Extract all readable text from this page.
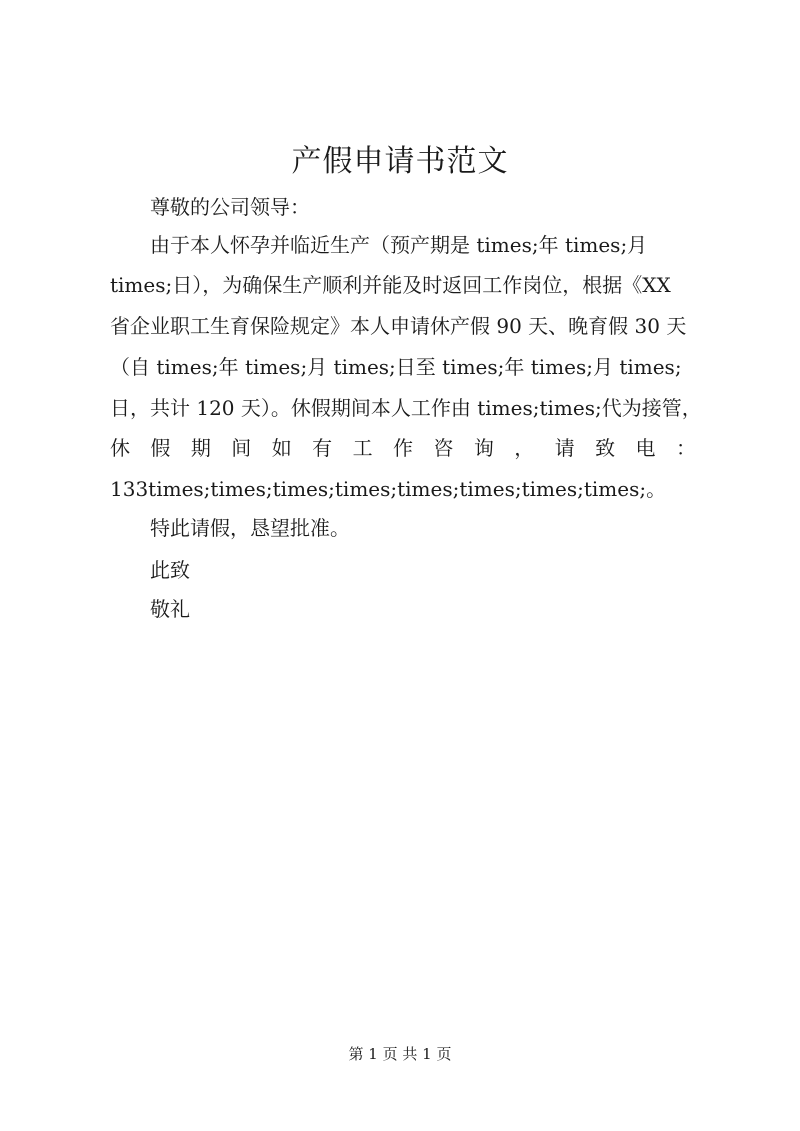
产假申请书范文
尊敬的公司领导：
由于本人怀孕并临近生产（预产期是 times;年 times;月
times;日），为确保生产顺利并能及时返回工作岗位，根据《XX
省企业职工生育保险规定》本人申请休产假 90 天、晚育假 30 天
（自 times;年 times;月 times;日至 times;年 times;月 times;
日，共计 120 天）。休假期间本人工作由 times;times;代为接管，
休 假 期 间 如 有 工 作 咨 询 ， 请 致 电 ：
133times;times;times;times;times;times;times;times;。
特此请假，恳望批准。
此致
敬礼
第 1 页 共 1 页
